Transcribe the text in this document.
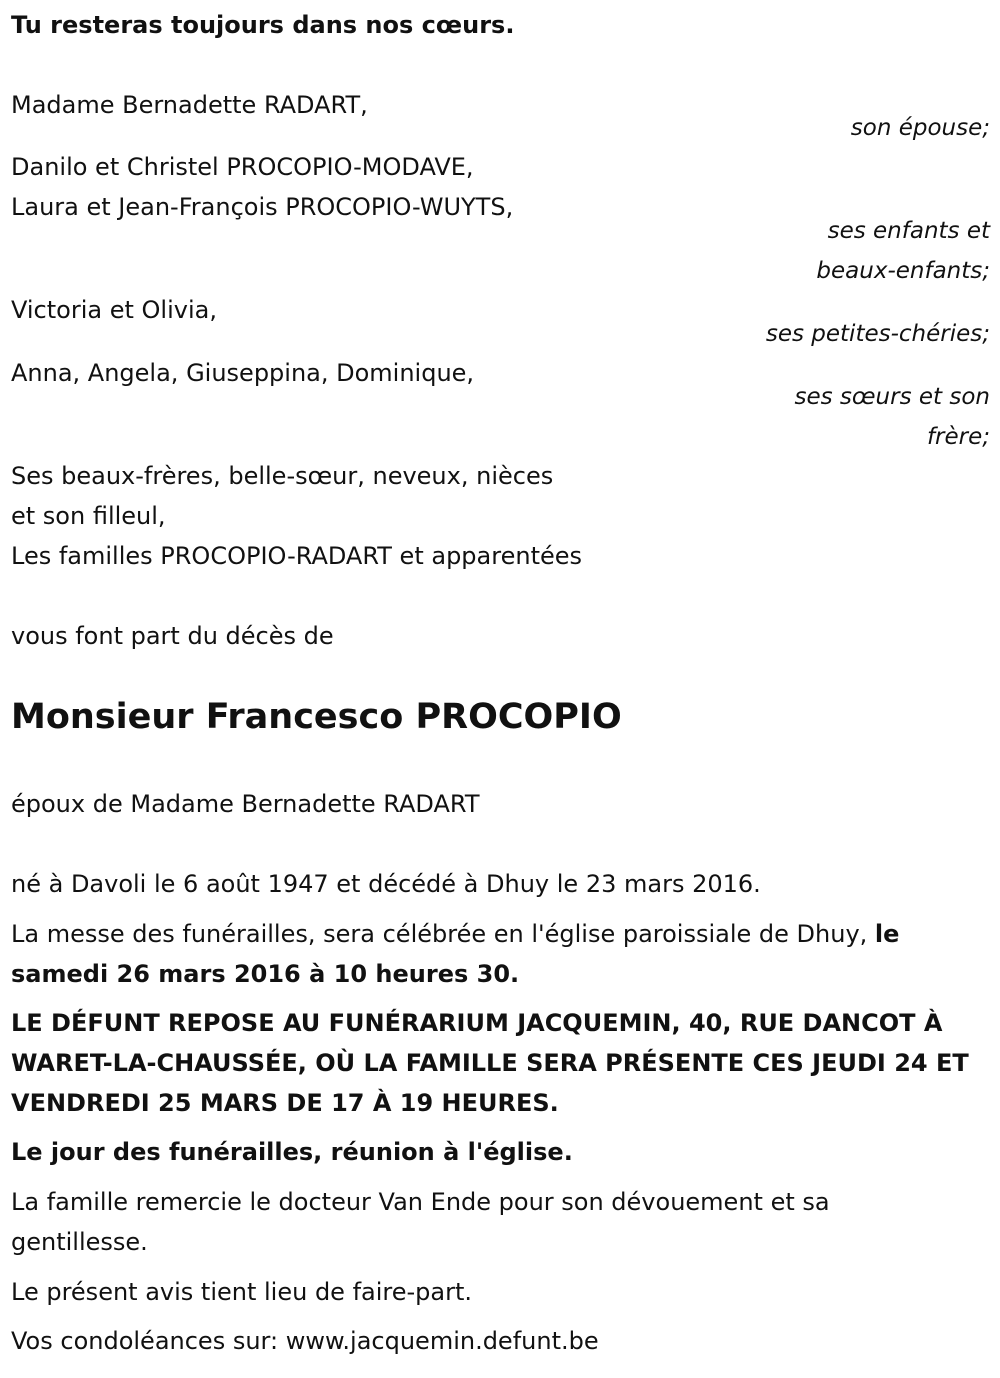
Tu resteras toujours dans nos cœurs.

Madame Bernadette RADART,

son épouse;

Danilo et Christel PROCOPIO-MODAVE,

Laura et Jean-François PROCOPIO-WUYTS,

ses enfants et

beaux-enfants;

Victoria et Olivia,

ses petites-chéries;

Anna, Angela, Giuseppina, Dominique,

ses sœurs et son

frère;

Ses beaux-frères, belle-sœur, neveux, nièces

et son filleul,

Les familles PROCOPIO-RADART et apparentées

vous font part du décès de

Monsieur Francesco PROCOPIO

époux de Madame Bernadette RADART

né à Davoli le 6 août 1947 et décédé à Dhuy le 23 mars 2016.

La messe des funérailles, sera célébrée en l'église paroissiale de Dhuy, le

samedi 26 mars 2016 à 10 heures 30.

LE DÉFUNT REPOSE AU FUNÉRARIUM JACQUEMIN, 40, RUE DANCOT À

WARET-LA-CHAUSSÉE, OÙ LA FAMILLE SERA PRÉSENTE CES JEUDI 24 ET

VENDREDI 25 MARS DE 17 À 19 HEURES.

Le jour des funérailles, réunion à l'église.

La famille remercie le docteur Van Ende pour son dévouement et sa

gentillesse.

Le présent avis tient lieu de faire-part.

Vos condoléances sur: www.jacquemin.defunt.be
